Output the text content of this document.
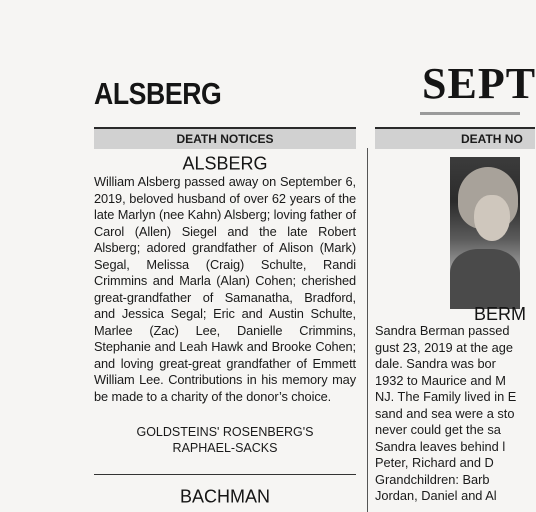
ALSBERG	SEPT
DEATH NOTICES	DEATH NO
ALSBERG
William Alsberg passed away on September 6, 2019, beloved husband of over 62 years of the late Marlyn (nee Kahn) Alsberg; loving father of Carol (Allen) Siegel and the late Robert Alsberg; adored grandfather of Alison (Mark) Segal, Melissa (Craig) Schulte, Randi Crimmins and Marla (Alan) Cohen; cherished great-grandfather of Samanatha, Bradford, and Jessica Segal; Eric and Austin Schulte, Marlee (Zac) Lee, Danielle Crimmins, Stephanie and Leah Hawk and Brooke Cohen; and loving great-great grandfather of Emmett William Lee. Contributions in his memory may be made to a charity of the donor’s choice.
GOLDSTEINS' ROSENBERG'S
RAPHAEL-SACKS
BACHMAN
BERM
Sandra Berman passed
gust 23, 2019 at the age
dale. Sandra was bor
1932 to Maurice and M
NJ. The Family lived in E
sand and sea were a sto
never could get the sa
Sandra leaves behind l
Peter, Richard and D
Grandchildren: Barb
Jordan, Daniel and Al
